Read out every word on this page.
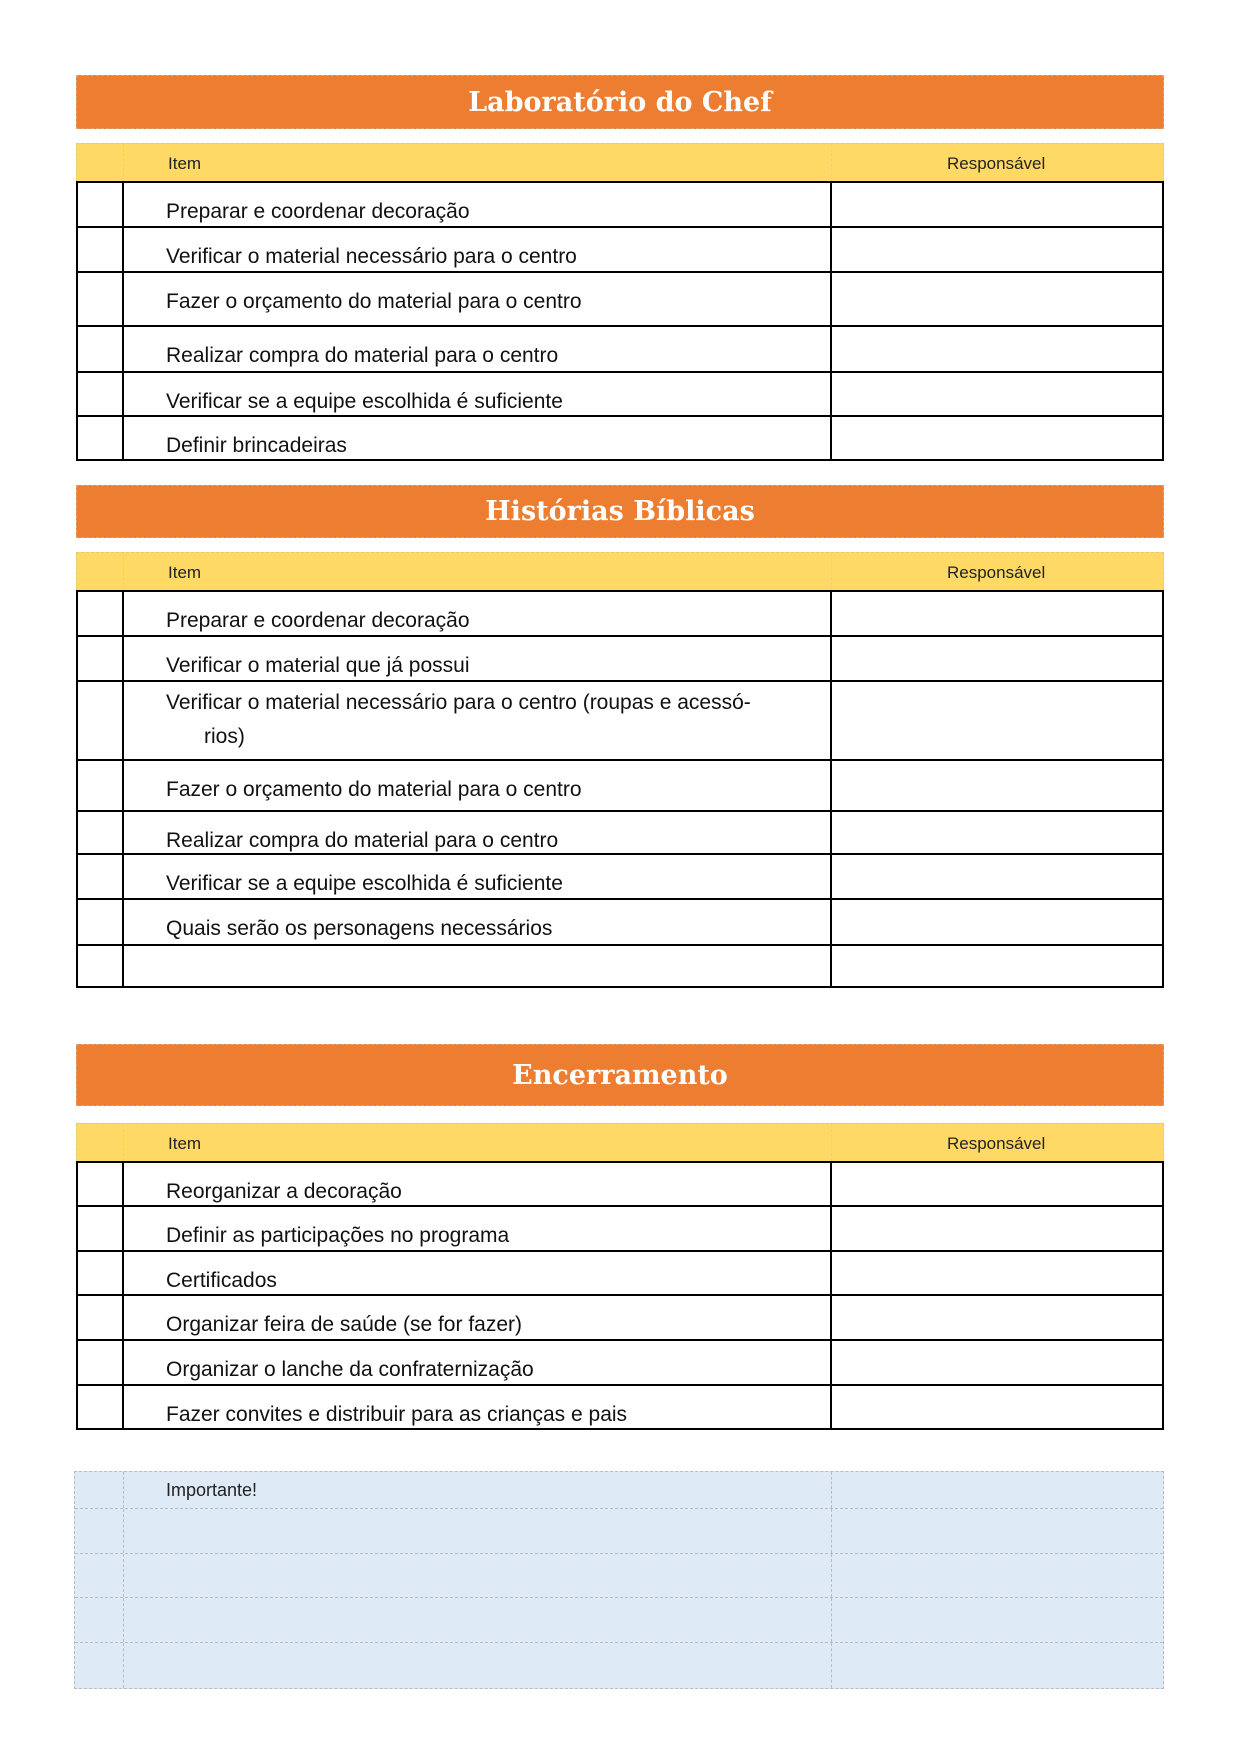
Laboratório do Chef
Item	Responsável
Preparar e coordenar decoração
Verificar o material necessário para o centro
Fazer o orçamento do material para o centro
Realizar compra do material para o centro
Verificar se a equipe escolhida é suficiente
Definir brincadeiras
Histórias Bíblicas
Item	Responsável
Preparar e coordenar decoração
Verificar o material que já possui
Verificar o material necessário para o centro (roupas e acessó-
rios)
Fazer o orçamento do material para o centro
Realizar compra do material para o centro
Verificar se a equipe escolhida é suficiente
Quais serão os personagens necessários
Encerramento
Item	Responsável
Reorganizar a decoração
Definir as participações no programa
Certificados
Organizar feira de saúde (se for fazer)
Organizar o lanche da confraternização
Fazer convites e distribuir para as crianças e pais
Importante!
